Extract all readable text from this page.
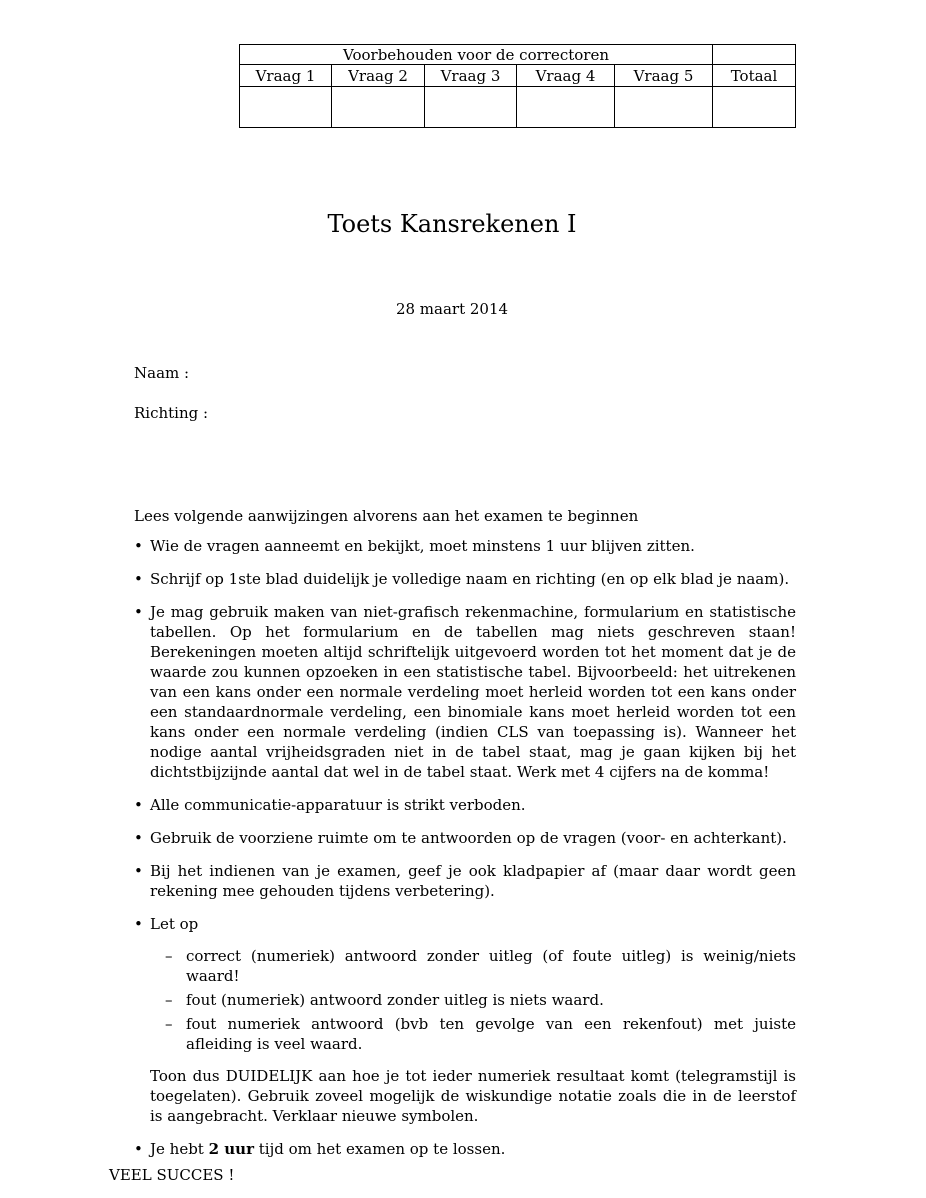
Voorbehouden voor de correctoren					
Vraag 1	Vraag 2	Vraag 3	Vraag 4	Vraag 5	Totaal

Toets Kansrekenen I
28 maart 2014
Naam :
Richting :
Lees volgende aanwijzingen alvorens aan het examen te beginnen
• Wie de vragen aanneemt en bekijkt, moet minstens 1 uur blijven zitten.
• Schrijf op 1ste blad duidelijk je volledige naam en richting (en op elk blad je naam).
• Je mag gebruik maken van niet-grafisch rekenmachine, formularium en statistische tabellen. Op het formularium en de tabellen mag niets geschreven staan! Berekeningen moeten altijd schriftelijk uitgevoerd worden tot het moment dat je de waarde zou kunnen opzoeken in een statistische tabel. Bijvoorbeeld: het uitrekenen van een kans onder een normale verdeling moet herleid worden tot een kans onder een standaardnormale verdeling, een binomiale kans moet herleid worden tot een kans onder een normale verdeling (indien CLS van toepassing is). Wanneer het nodige aantal vrijheidsgraden niet in de tabel staat, mag je gaan kijken bij het dichtstbijzijnde aantal dat wel in de tabel staat. Werk met 4 cijfers na de komma!
• Alle communicatie-apparatuur is strikt verboden.
• Gebruik de voorziene ruimte om te antwoorden op de vragen (voor- en achterkant).
• Bij het indienen van je examen, geef je ook kladpapier af (maar daar wordt geen rekening mee gehouden tijdens verbetering).
• Let op
– correct (numeriek) antwoord zonder uitleg (of foute uitleg) is weinig/niets waard!
– fout (numeriek) antwoord zonder uitleg is niets waard.
– fout numeriek antwoord (bvb ten gevolge van een rekenfout) met juiste afleiding is veel waard.

Toon dus DUIDELIJK aan hoe je tot ieder numeriek resultaat komt (telegramstijl is toegelaten). Gebruik zoveel mogelijk de wiskundige notatie zoals die in de leerstof is aangebracht. Verklaar nieuwe symbolen.

• Je hebt 2 uur tijd om het examen op te lossen.
VEEL SUCCES !
